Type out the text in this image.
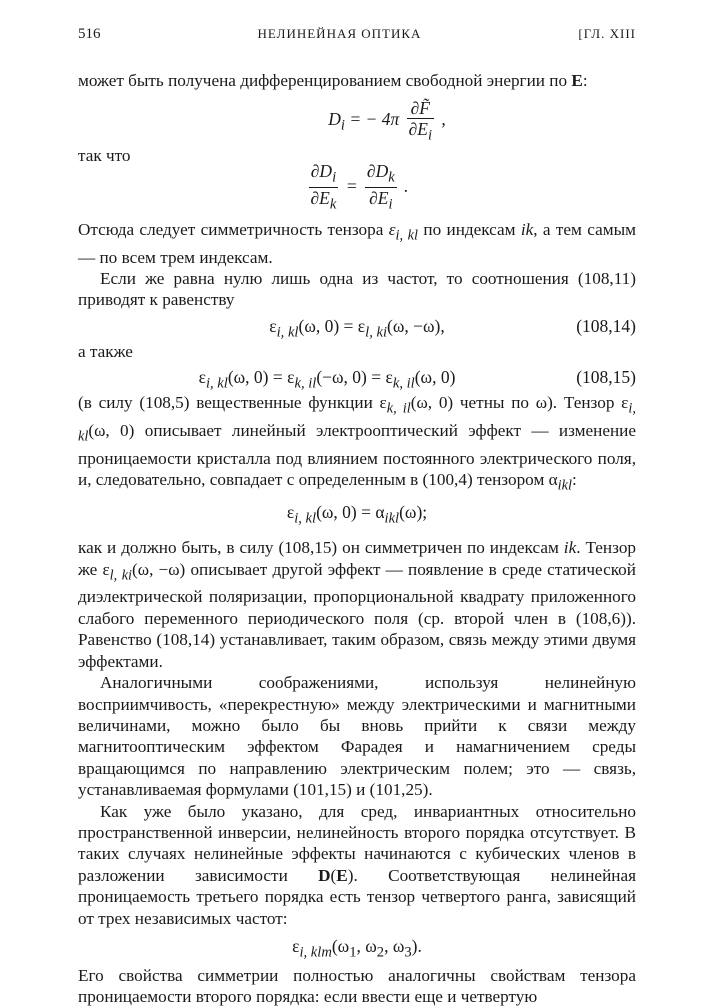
516	НЕЛИНЕЙНАЯ ОПТИКА	[ГЛ. XIII

может быть получена дифференцированием свободной энергии по E:

$D_i$ = − $4\pi \frac{\partial F̃}{\partial E_i}$ ,

так что

$\frac{\partial D_i}{\partial E_k} = \frac{\partial D_k}{\partial E_i}$ .

Отсюда следует симметричность тензора $\varepsilon_{i, kl}$ по индексам ik, а тем самым — по всем трем индексам.

Если же равна нулю лишь одна из частот, то соотношения (108,11) приводят к равенству

$\varepsilon_{i, kl}(\omega$, $0) = \varepsilon_{l, ki}(\omega$, −ω),	(108,14)

а также

$\varepsilon_{i, kl}(\omega$, $0) = \varepsilon_{k, il}(-\omega$, $0) = \varepsilon_{k, il}(\omega$, 0)	(108,15)

(в силу (108,5) вещественные функции $\varepsilon_{k, il}(\omega$, 0) четны по ω). Тензор $\varepsilon_{i, kl}(\omega$, 0) описывает линейный электрооптический эффект — изменение проницаемости кристалла под влиянием постоянного электрического поля, и, следовательно, совпадает с определенным в (100,4) тензором $\alpha_{ikl}$:

$\varepsilon_{i, kl}(\omega$, $0) = \alpha_{ikl}(\omega)$;

как и должно быть, в силу (108,15) он симметричен по индексам ik. Тензор же $\varepsilon_{l, ki}(\omega$, −ω) описывает другой эффект — появление в среде статической диэлектрической поляризации, пропорциональной квадрату приложенного слабого переменного периодического поля (ср. второй член в (108,6)). Равенство (108,14) устанавливает, таким образом, связь между этими двумя эффектами.

Аналогичными соображениями, используя нелинейную восприимчивость, «перекрестную» между электрическими и магнитными величинами, можно было бы вновь прийти к связи между магнитооптическим эффектом Фарадея и намагничением среды вращающимся по направлению электрическим полем; это — связь, устанавливаемая формулами (101,15) и (101,25).

Как уже было указано, для сред, инвариантных относительно пространственной инверсии, нелинейность второго порядка отсутствует. В таких случаях нелинейные эффекты начинаются с кубических членов в разложении зависимости D(E). Соответствующая нелинейная проницаемость третьего порядка есть тензор четвертого ранга, зависящий от трех независимых частот:

$\varepsilon_{i, klm}(\omega_1$, $\omega_2$, $\omega_3$).

Его свойства симметрии полностью аналогичны свойствам тензора проницаемости второго порядка: если ввести еще и четвертую
